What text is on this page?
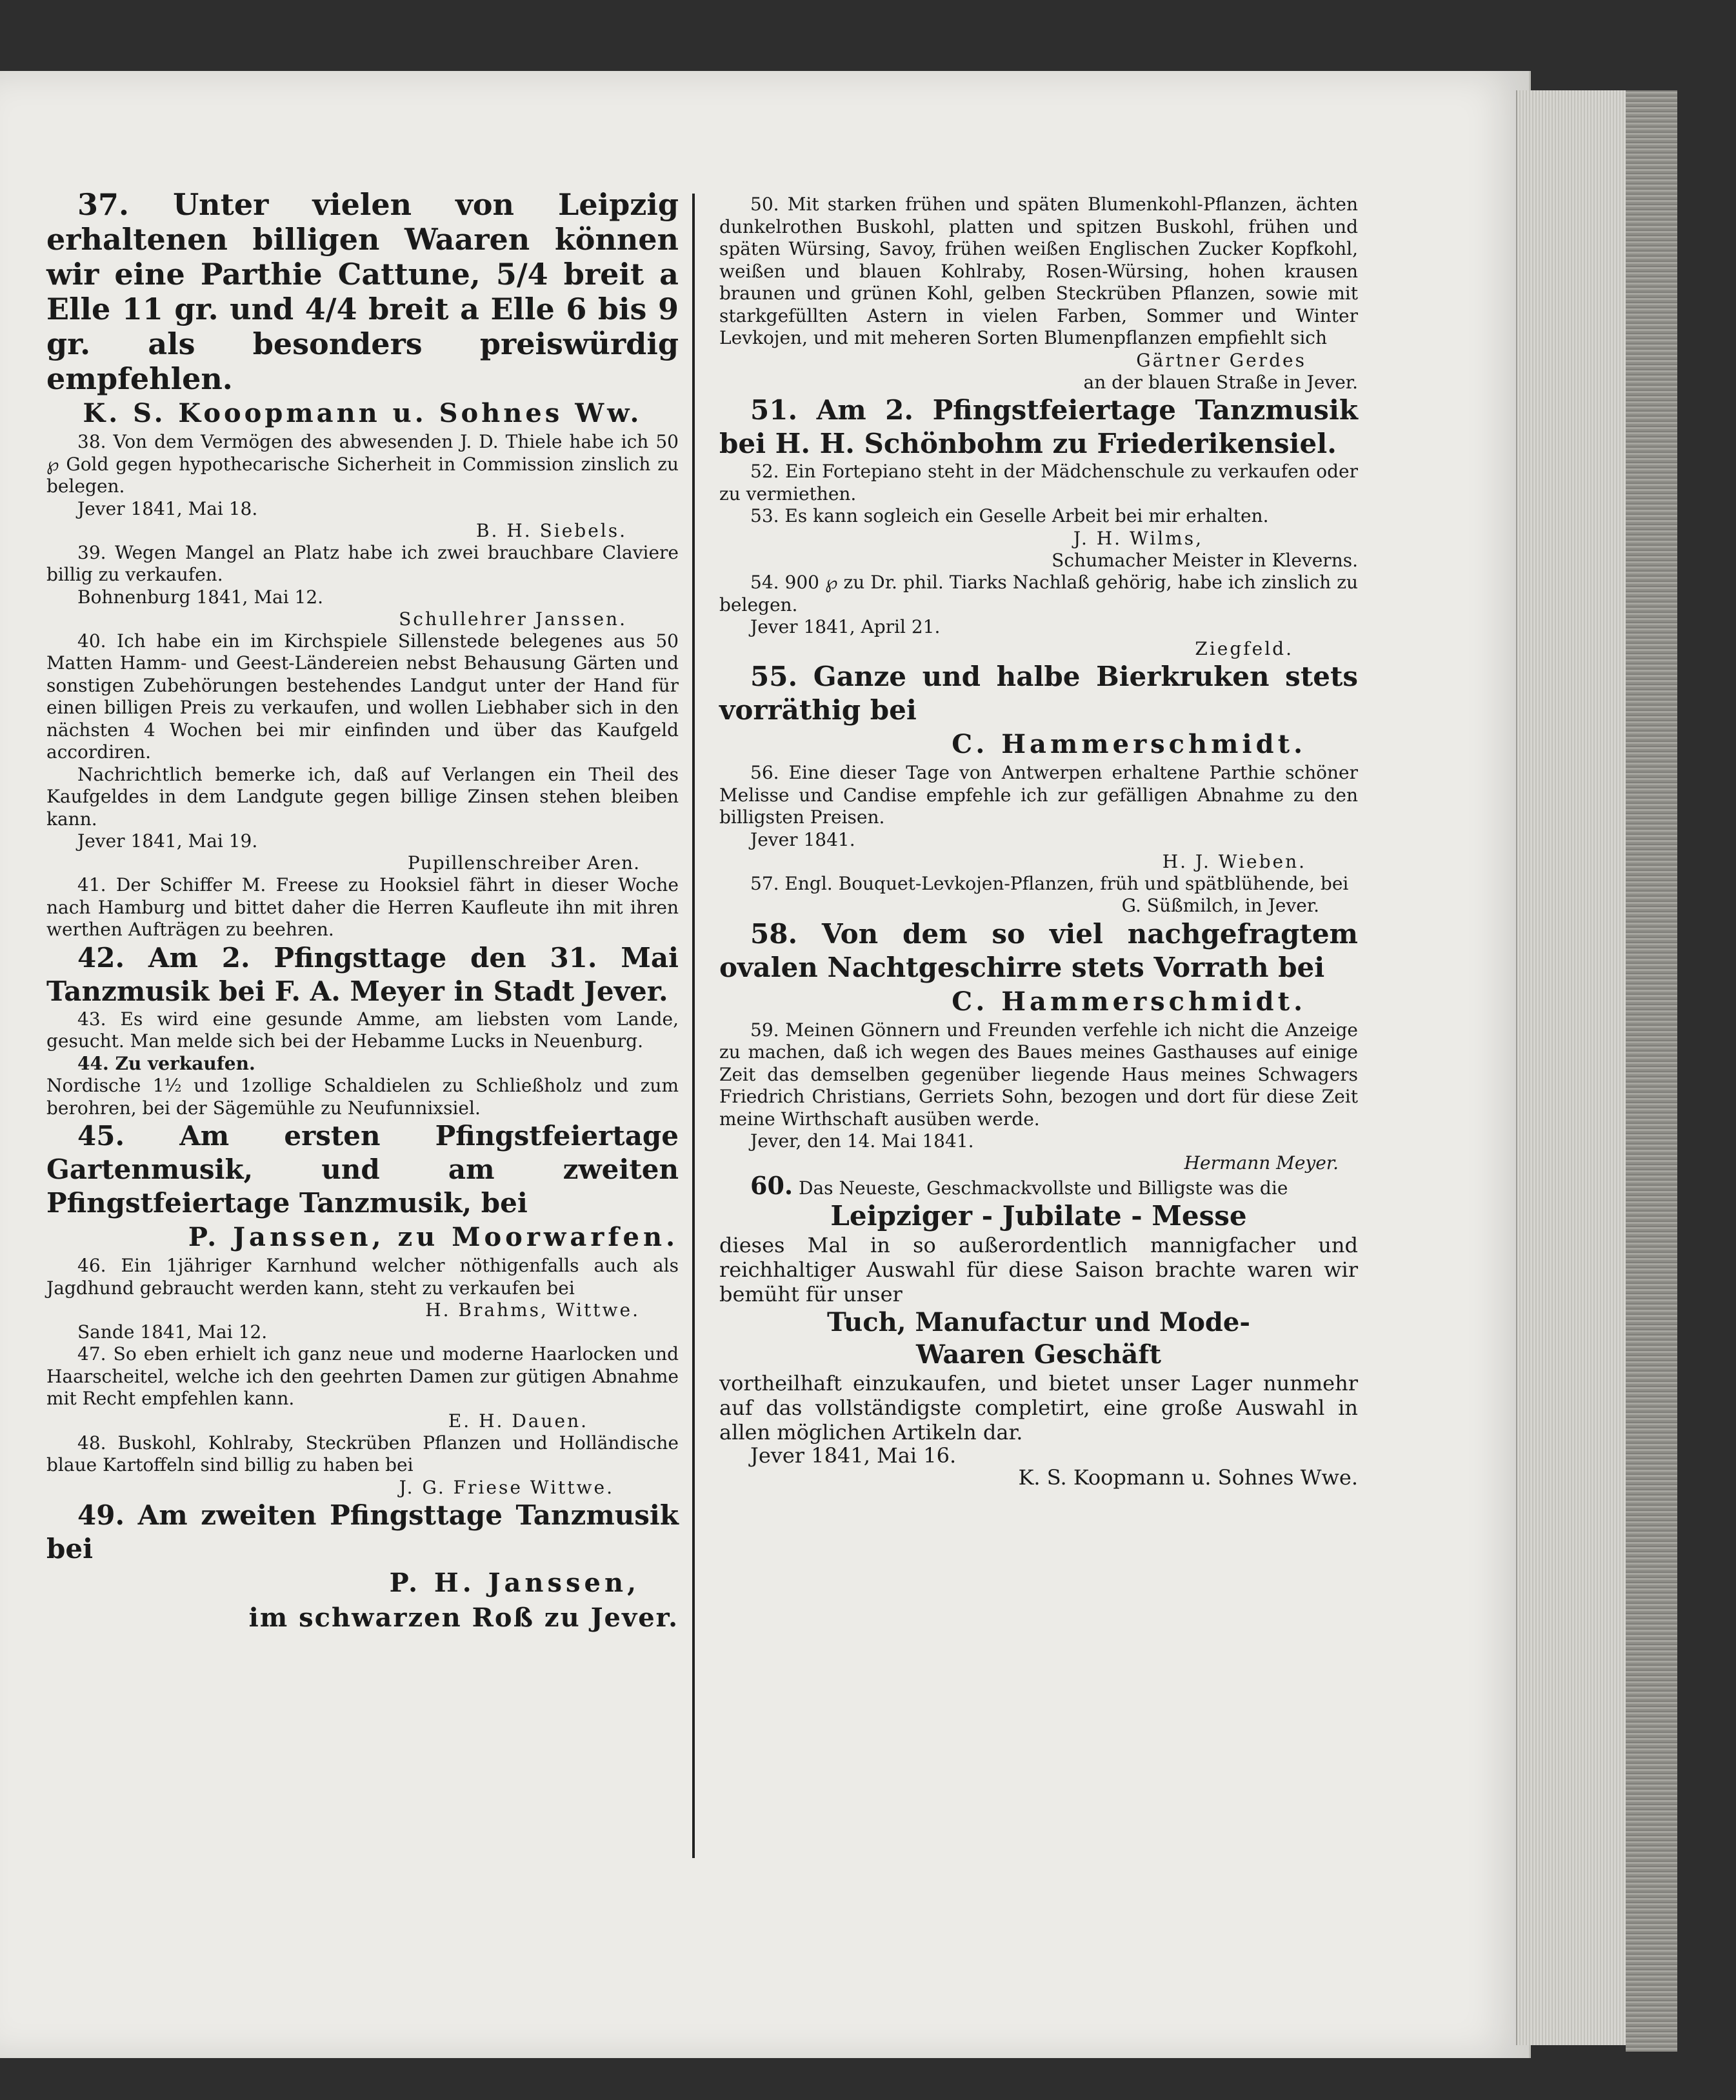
37. Unter vielen von Leipzig erhaltenen billigen Waaren können wir eine Parthie Cattune, 5/4 breit a Elle 11 gr. und 4/4 breit a Elle 6 bis 9 gr. als besonders preiswürdig empfehlen.

K. S. Kooopmann u. Sohnes Ww.

38. Von dem Vermögen des abwesenden J. D. Thiele habe ich 50 ℘ Gold gegen hypothecarische Sicherheit in Commission zinslich zu belegen.

Jever 1841, Mai 18.

B. H. Siebels.

39. Wegen Mangel an Platz habe ich zwei brauchbare Claviere billig zu verkaufen.

Bohnenburg 1841, Mai 12.

Schullehrer Janssen.

40. Ich habe ein im Kirchspiele Sillenstede belegenes aus 50 Matten Hamm- und Geest-Ländereien nebst Behausung Gärten und sonstigen Zubehörungen bestehendes Landgut unter der Hand für einen billigen Preis zu verkaufen, und wollen Liebhaber sich in den nächsten 4 Wochen bei mir einfinden und über das Kaufgeld accordiren.

Nachrichtlich bemerke ich, daß auf Verlangen ein Theil des Kaufgeldes in dem Landgute gegen billige Zinsen stehen bleiben kann.

Jever 1841, Mai 19.

Pupillenschreiber Aren.

41. Der Schiffer M. Freese zu Hooksiel fährt in dieser Woche nach Hamburg und bittet daher die Herren Kaufleute ihn mit ihren werthen Aufträgen zu beehren.

42. Am 2. Pfingsttage den 31. Mai Tanzmusik bei F. A. Meyer in Stadt Jever.

43. Es wird eine gesunde Amme, am liebsten vom Lande, gesucht. Man melde sich bei der Hebamme Lucks in Neuenburg.

44. Zu verkaufen.

Nordische 1½ und 1zollige Schaldielen zu Schließholz und zum berohren, bei der Sägemühle zu Neufunnixsiel.

45. Am ersten Pfingstfeiertage Gartenmusik, und am zweiten Pfingstfeiertage Tanzmusik, bei

P. Janssen, zu Moorwarfen.

46. Ein 1jähriger Karnhund welcher nöthigenfalls auch als Jagdhund gebraucht werden kann, steht zu verkaufen bei

H. Brahms, Wittwe.

Sande 1841, Mai 12.

47. So eben erhielt ich ganz neue und moderne Haarlocken und Haarscheitel, welche ich den geehrten Damen zur gütigen Abnahme mit Recht empfehlen kann.

E. H. Dauen.

48. Buskohl, Kohlraby, Steckrüben Pflanzen und Holländische blaue Kartoffeln sind billig zu haben bei

J. G. Friese Wittwe.

49. Am zweiten Pfingsttage Tanzmusik bei

P. H. Janssen,

im schwarzen Roß zu Jever.

50. Mit starken frühen und späten Blumenkohl-Pflanzen, ächten dunkelrothen Buskohl, platten und spitzen Buskohl, frühen und späten Würsing, Savoy, frühen weißen Englischen Zucker Kopfkohl, weißen und blauen Kohlraby, Rosen-Würsing, hohen krausen braunen und grünen Kohl, gelben Steckrüben Pflanzen, sowie mit starkgefüllten Astern in vielen Farben, Sommer und Winter Levkojen, und mit meheren Sorten Blumenpflanzen empfiehlt sich

Gärtner Gerdes

an der blauen Straße in Jever.

51. Am 2. Pfingstfeiertage Tanzmusik bei H. H. Schönbohm zu Friederikensiel.

52. Ein Fortepiano steht in der Mädchenschule zu verkaufen oder zu vermiethen.

53. Es kann sogleich ein Geselle Arbeit bei mir erhalten.

J. H. Wilms,

Schumacher Meister in Kleverns.

54. 900 ℘ zu Dr. phil. Tiarks Nachlaß gehörig, habe ich zinslich zu belegen.

Jever 1841, April 21.

Ziegfeld.

55. Ganze und halbe Bierkruken stets vorräthig bei

C. Hammerschmidt.

56. Eine dieser Tage von Antwerpen erhaltene Parthie schöner Melisse und Candise empfehle ich zur gefälligen Abnahme zu den billigsten Preisen.

Jever 1841.

H. J. Wieben.

57. Engl. Bouquet-Levkojen-Pflanzen, früh und spätblühende, bei

G. Süßmilch, in Jever.

58. Von dem so viel nachgefragtem ovalen Nachtgeschirre stets Vorrath bei

C. Hammerschmidt.

59. Meinen Gönnern und Freunden verfehle ich nicht die Anzeige zu machen, daß ich wegen des Baues meines Gasthauses auf einige Zeit das demselben gegenüber liegende Haus meines Schwagers Friedrich Christians, Gerriets Sohn, bezogen und dort für diese Zeit meine Wirthschaft ausüben werde.

Jever, den 14. Mai 1841.

Hermann Meyer.

60. Das Neueste, Geschmackvollste und Billigste was die

Leipziger - Jubilate - Messe

dieses Mal in so außerordentlich mannigfacher und reichhaltiger Auswahl für diese Saison brachte waren wir bemüht für unser

Tuch, Manufactur und Mode-

Waaren Geschäft

vortheilhaft einzukaufen, und bietet unser Lager nunmehr auf das vollständigste completirt, eine große Auswahl in allen möglichen Artikeln dar.

Jever 1841, Mai 16.

K. S. Koopmann u. Sohnes Wwe.
